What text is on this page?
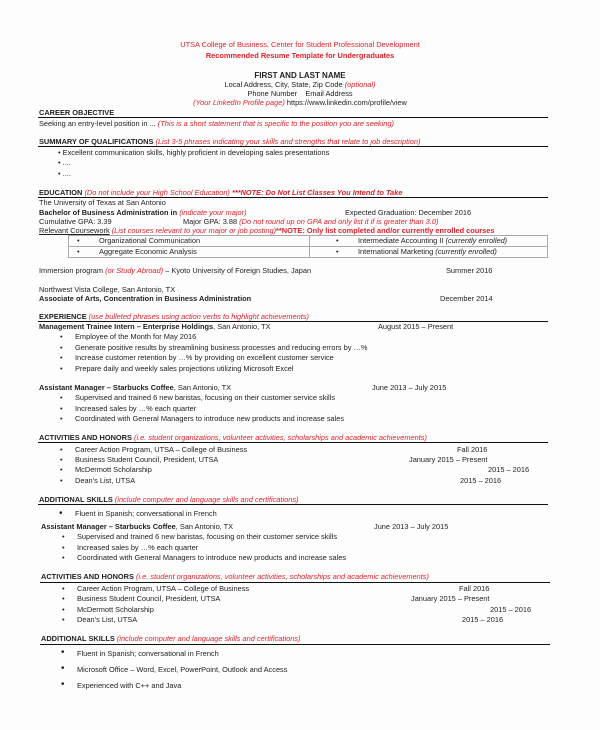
UTSA College of Business, Center for Student Professional Development
Recommended Resume Template for Undergraduates
FIRST AND LAST NAME
Local Address, City, State, Zip Code (optional)
Phone Number Email Address
(Your LinkedIn Profile page) https://www.linkedin.com/profile/view
CAREER OBJECTIVE
Seeking an entry-level position in ... (This is a short statement that is specific to the position you are seeking)
SUMMARY OF QUALIFICATIONS (List 3-5 phrases indicating your skills and strengths that relate to job description)
• Excellent communication skills, highly proficient in developing sales presentations
• ....
• ....
EDUCATION (Do not include your High School Education) ***NOTE: Do Not List Classes You Intend to Take
The University of Texas at San Antonio
Bachelor of Business Administration in (indicate your major)	Expected Graduation: December 2016
Cumulative GPA: 3.39	Major GPA: 3.88 (Do not round up on GPA and only list it if is greater than 3.0)
Relevant Coursework (List courses relevant to your major or job posting)**NOTE: Only list completed and/or currently enrolled courses
• Organizational Communication	• Intermediate Accounting II (currently enrolled)

• Aggregate Economic Analysis	• International Marketing (currently enrolled)
Immersion program (or Study Abroad) – Kyoto University of Foreign Studies, Japan	Summer 2016
Northwest Vista College, San Antonio, TX
Associate of Arts, Concentration in Business Administration	December 2014
EXPERIENCE (use bulleted phrases using action verbs to highlight achievements)
Management Trainee Intern – Enterprise Holdings, San Antonio, TX	August 2015 – Present
• Employee of the Month for May 2016
• Generate positive results by streamlining business processes and reducing errors by …%
• Increase customer retention by …% by providing on excellent customer service
• Prepare daily and weekly sales projections utilizing Microsoft Excel
Assistant Manager – Starbucks Coffee, San Antonio, TX	June 2013 – July 2015
• Supervised and trained 6 new baristas, focusing on their customer service skills
• Increased sales by …% each quarter
• Coordinated with General Managers to introduce new products and increase sales
ACTIVITIES AND HONORS (i.e. student organizations, volunteer activities, scholarships and academic achievements)
• Career Action Program, UTSA – College of Business	Fall 2016
• Business Student Council, President, UTSA	January 2015 – Present
• McDermott Scholarship	2015 – 2016
• Dean's List, UTSA	2015 – 2016
ADDITIONAL SKILLS (include computer and language skills and certifications)
• Fluent in Spanish; conversational in French
Assistant Manager – Starbucks Coffee, San Antonio, TX	June 2013 – July 2015
• Supervised and trained 6 new baristas, focusing on their customer service skills
• Increased sales by …% each quarter
• Coordinated with General Managers to introduce new products and increase sales
ACTIVITIES AND HONORS (i.e. student organizations, volunteer activities, scholarships and academic achievements)
• Career Action Program, UTSA – College of Business	Fall 2016
• Business Student Council, President, UTSA	January 2015 – Present
• McDermott Scholarship	2015 – 2016
• Dean's List, UTSA	2015 – 2016
ADDITIONAL SKILLS (include computer and language skills and certifications)
• Fluent in Spanish; conversational in French
• Microsoft Office – Word, Excel, PowerPoint, Outlook and Access
• Experienced with C++ and Java
